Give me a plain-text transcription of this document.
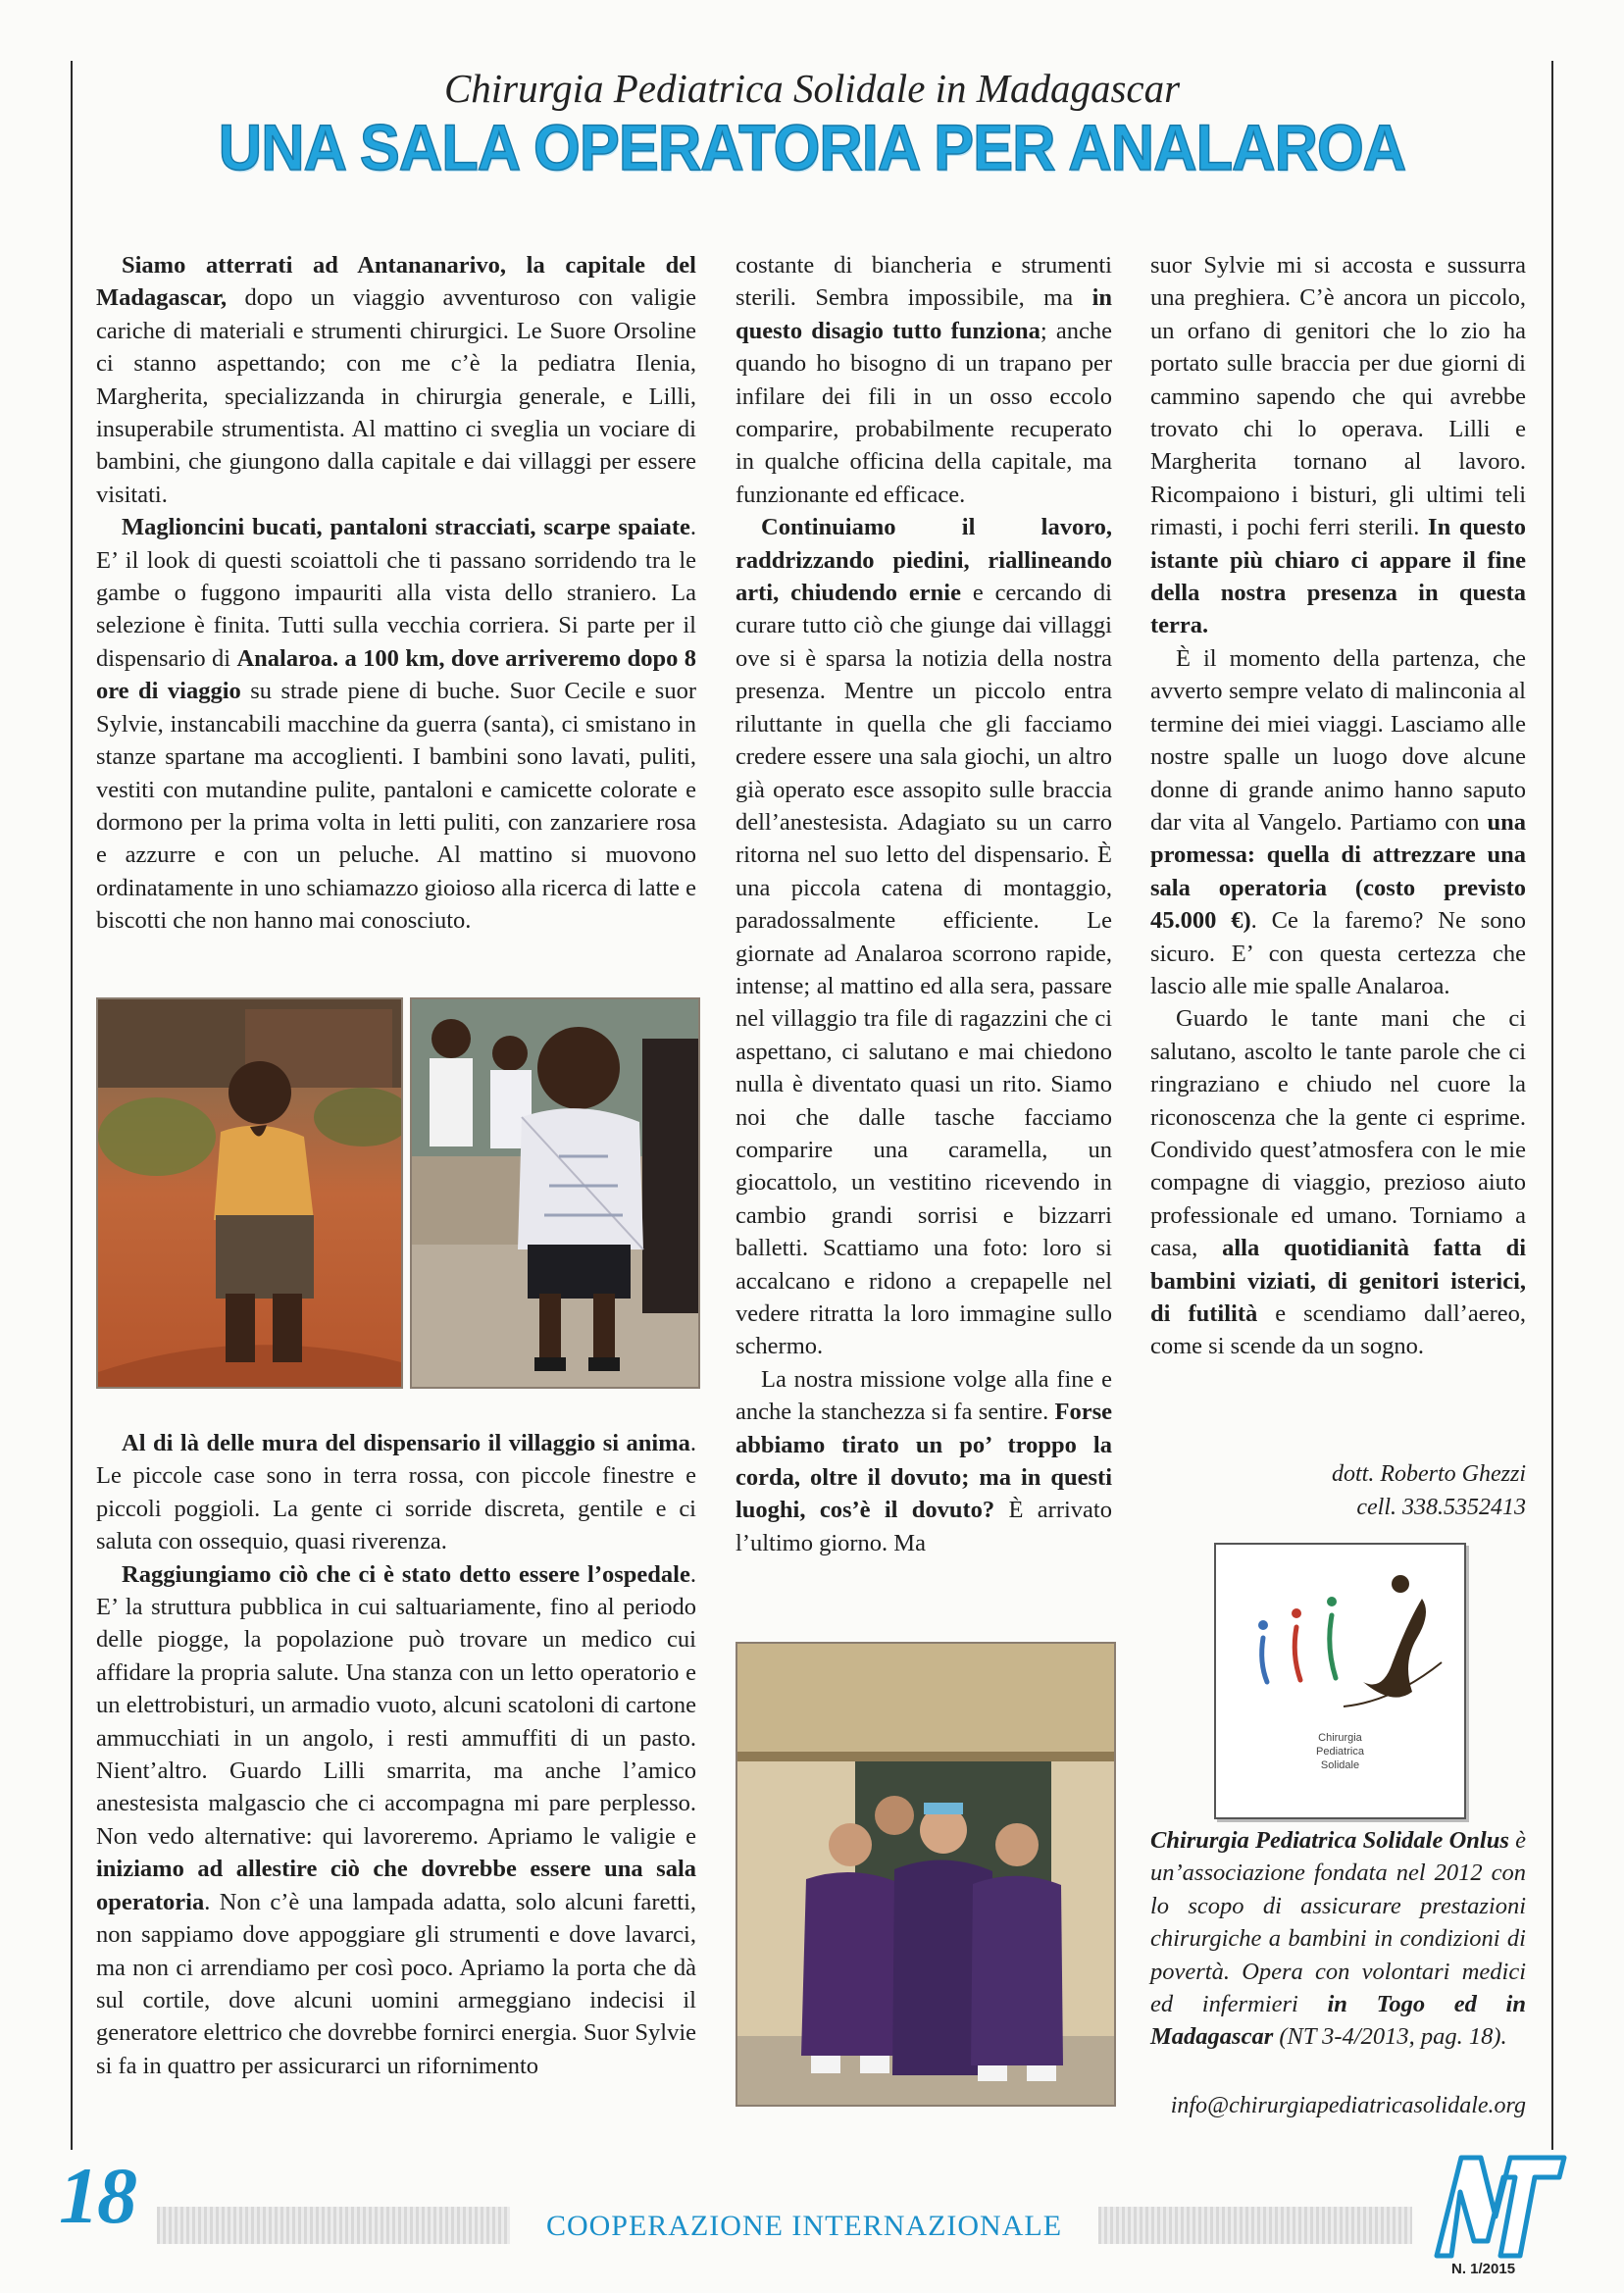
Chirurgia Pediatrica Solidale in Madagascar
UNA SALA OPERATORIA PER ANALAROA

Siamo atterrati ad Antananarivo, la capitale del Madagascar, dopo un viaggio avventuroso con valigie cariche di materiali e strumenti chirurgici. Le Suore Orsoline ci stanno aspettando; con me c’è la pediatra Ilenia, Margherita, specializzanda in chirurgia generale, e Lilli, insuperabile strumentista. Al mattino ci sveglia un vociare di bambini, che giungono dalla capitale e dai villaggi per essere visitati.

Maglioncini bucati, pantaloni stracciati, scarpe spaiate. E’ il look di questi scoiattoli che ti passano sorridendo tra le gambe o fuggono impauriti alla vista dello straniero. La selezione è finita. Tutti sulla vecchia corriera. Si parte per il dispensario di Analaroa. a 100 km, dove arriveremo dopo 8 ore di viaggio su strade piene di buche. Suor Cecile e suor Sylvie, instancabili macchine da guerra (santa), ci smistano in stanze spartane ma accoglienti. I bambini sono lavati, puliti, vestiti con mutandine pulite, pantaloni e camicette colorate e dormono per la prima volta in letti puliti, con zanzariere rosa e azzurre e con un peluche. Al mattino si muovono ordinatamente in uno schiamazzo gioioso alla ricerca di latte e biscotti che non hanno mai conosciuto.

Al di là delle mura del dispensario il villaggio si anima. Le piccole case sono in terra rossa, con piccole finestre e piccoli poggioli. La gente ci sorride discreta, gentile e ci saluta con ossequio, quasi riverenza.

Raggiungiamo ciò che ci è stato detto essere l’ospedale. E’ la struttura pubblica in cui saltuariamente, fino al periodo delle piogge, la popolazione può trovare un medico cui affidare la propria salute. Una stanza con un letto operatorio e un elettrobisturi, un armadio vuoto, alcuni scatoloni di cartone ammucchiati in un angolo, i resti ammuffiti di un pasto. Nient’altro. Guardo Lilli smarrita, ma anche l’amico anestesista malgascio che ci accompagna mi pare perplesso. Non vedo alternative: qui lavoreremo. Apriamo le valigie e iniziamo ad allestire ciò che dovrebbe essere una sala operatoria. Non c’è una lampada adatta, solo alcuni faretti, non sappiamo dove appoggiare gli strumenti e dove lavarci, ma non ci arrendiamo per così poco. Apriamo la porta che dà sul cortile, dove alcuni uomini armeggiano indecisi il generatore elettrico che dovrebbe fornirci energia. Suor Sylvie si fa in quattro per assicurarci un rifornimento

costante di biancheria e strumenti sterili. Sembra impossibile, ma in questo disagio tutto funziona; anche quando ho bisogno di un trapano per infilare dei fili in un osso eccolo comparire, probabilmente recuperato in qualche officina della capitale, ma funzionante ed efficace.

Continuiamo il lavoro, raddrizzando piedini, riallineando arti, chiudendo ernie e cercando di curare tutto ciò che giunge dai villaggi ove si è sparsa la notizia della nostra presenza. Mentre un piccolo entra riluttante in quella che gli facciamo credere essere una sala giochi, un altro già operato esce assopito sulle braccia dell’anestesista. Adagiato su un carro ritorna nel suo letto del dispensario. È una piccola catena di montaggio, paradossalmente efficiente. Le giornate ad Analaroa scorrono rapide, intense; al mattino ed alla sera, passare nel villaggio tra file di ragazzini che ci aspettano, ci salutano e mai chiedono nulla è diventato quasi un rito. Siamo noi che dalle tasche facciamo comparire una caramella, un giocattolo, un vestitino ricevendo in cambio grandi sorrisi e bizzarri balletti. Scattiamo una foto: loro si accalcano e ridono a crepapelle nel vedere ritratta la loro immagine sullo schermo.

La nostra missione volge alla fine e anche la stanchezza si fa sentire. Forse abbiamo tirato un po’ troppo la corda, oltre il dovuto; ma in questi luoghi, cos’è il dovuto? È arrivato l’ultimo giorno. Ma

suor Sylvie mi si accosta e sussurra una preghiera. C’è ancora un piccolo, un orfano di genitori che lo zio ha portato sulle braccia per due giorni di cammino sapendo che qui avrebbe trovato chi lo operava. Lilli e Margherita tornano al lavoro. Ricompaiono i bisturi, gli ultimi teli rimasti, i pochi ferri sterili. In questo istante più chiaro ci appare il fine della nostra presenza in questa terra.

È il momento della partenza, che avverto sempre velato di malinconia al termine dei miei viaggi. Lasciamo alle nostre spalle un luogo dove alcune donne di grande animo hanno saputo dar vita al Vangelo. Partiamo con una promessa: quella di attrezzare una sala operatoria (costo previsto 45.000 €). Ce la faremo? Ne sono sicuro. E’ con questa certezza che lascio alle mie spalle Analaroa.

Guardo le tante mani che ci salutano, ascolto le tante parole che ci ringraziano e chiudo nel cuore la riconoscenza che la gente ci esprime. Condivido quest’atmosfera con le mie compagne di viaggio, prezioso aiuto professionale ed umano. Torniamo a casa, alla quotidianità fatta di bambini viziati, di genitori isterici, di futilità e scendiamo dall’aereo, come si scende da un sogno.

dott. Roberto Ghezzi
cell. 338.5352413
Chirurgia
Pediatrica
Solidale
Chirurgia Pediatrica Solidale Onlus è un’associazione fondata nel 2012 con lo scopo di assicurare prestazioni chirurgiche a bambini in condizioni di povertà. Opera con volontari medici ed infermieri in Togo ed in Madagascar (NT 3-4/2013, pag. 18).
info@chirurgiapediatricasolidale.org
18	COOPERAZIONE INTERNAZIONALE
N. 1/2015
